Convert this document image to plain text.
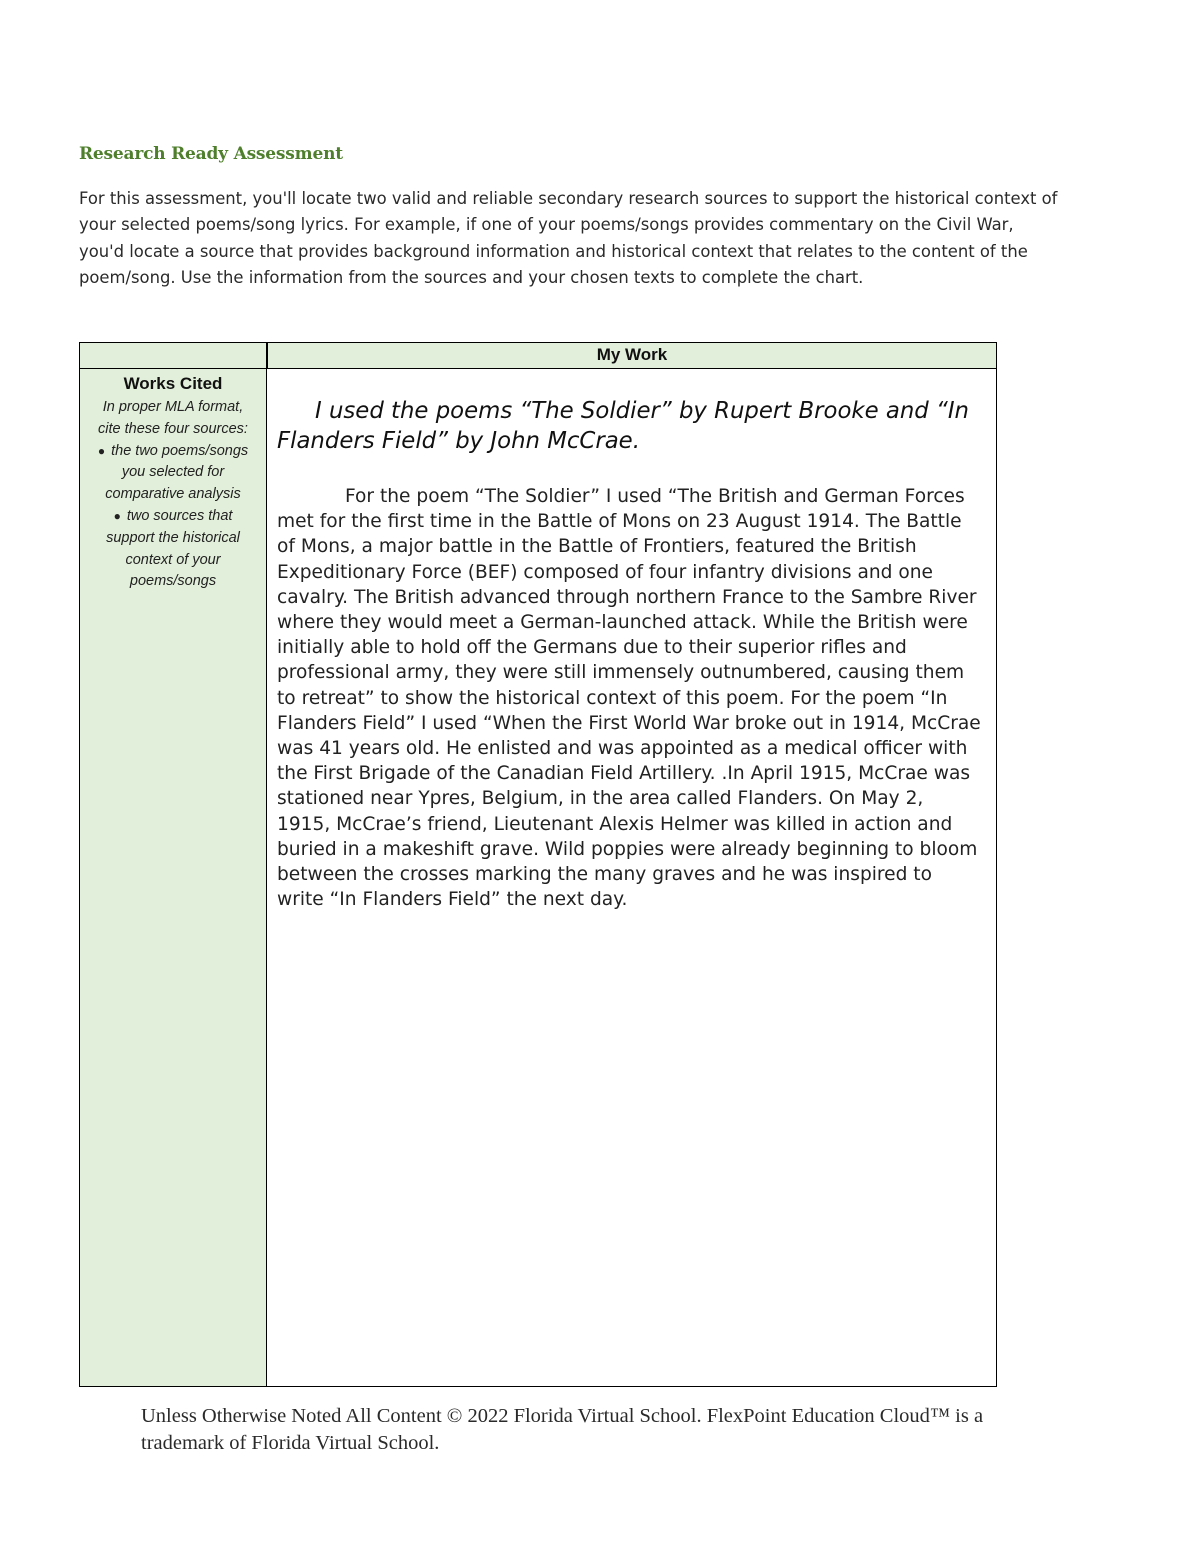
Research Ready Assessment
For this assessment, you'll locate two valid and reliable secondary research sources to support the historical context of your selected poems/song lyrics. For example, if one of your poems/songs provides commentary on the Civil War, you'd locate a source that provides background information and historical context that relates to the content of the poem/song. Use the information from the sources and your chosen texts to complete the chart.
My Work
Works Cited
In proper MLA format, cite these four sources:
● the two poems/songs you selected for comparative analysis
● two sources that support the historical context of your poems/songs

I used the poems “The Soldier” by Rupert Brooke and “In Flanders Field” by John McCrae.

For the poem “The Soldier” I used “The British and German Forces met for the first time in the Battle of Mons on 23 August 1914. The Battle of Mons, a major battle in the Battle of Frontiers, featured the British Expeditionary Force (BEF) composed of four infantry divisions and one cavalry. The British advanced through northern France to the Sambre River where they would meet a German-launched attack. While the British were initially able to hold off the Germans due to their superior rifles and professional army, they were still immensely outnumbered, causing them to retreat” to show the historical context of this poem. For the poem “In Flanders Field” I used “When the First World War broke out in 1914, McCrae was 41 years old. He enlisted and was appointed as a medical officer with the First Brigade of the Canadian Field Artillery. .In April 1915, McCrae was stationed near Ypres, Belgium, in the area called Flanders. On May 2, 1915, McCrae’s friend, Lieutenant Alexis Helmer was killed in action and buried in a makeshift grave. Wild poppies were already beginning to bloom between the crosses marking the many graves and he was inspired to write “In Flanders Field” the next day.

Unless Otherwise Noted All Content © 2022 Florida Virtual School. FlexPoint Education Cloud™ is a trademark of Florida Virtual School.
